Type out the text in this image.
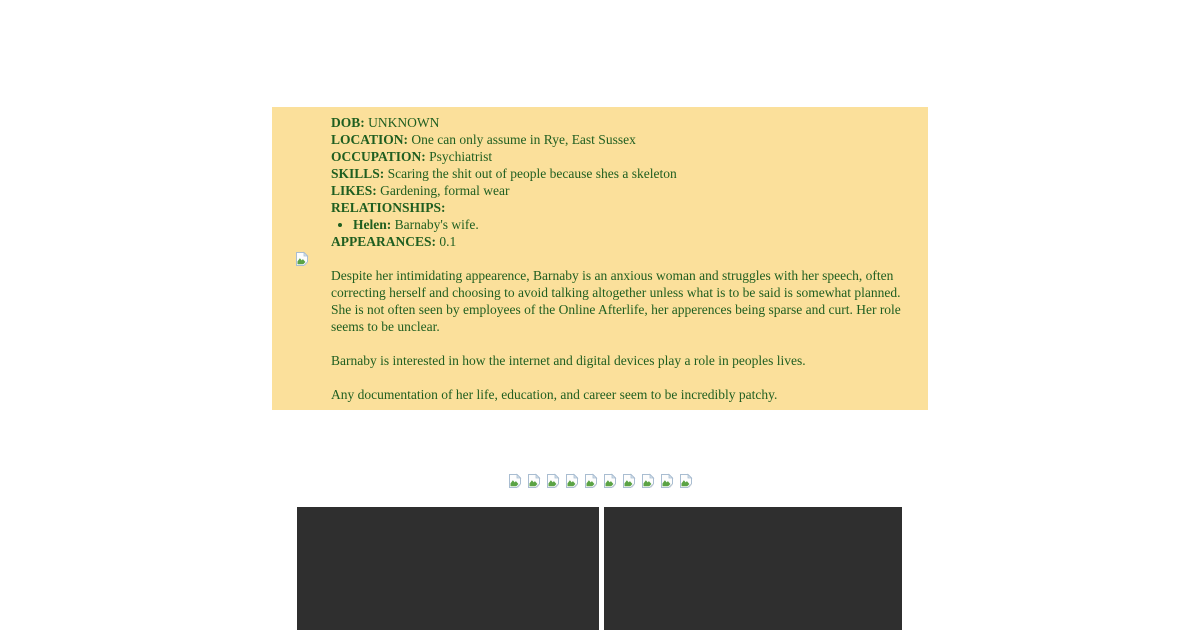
DOB: UNKNOWN
LOCATION: One can only assume in Rye, East Sussex
OCCUPATION: Psychiatrist
SKILLS: Scaring the shit out of people because shes a skeleton
LIKES: Gardening, formal wear
RELATIONSHIPS:
• Helen: Barnaby's wife.
APPEARANCES: 0.1

Despite her intimidating appearence, Barnaby is an anxious woman and struggles with her speech, often correcting herself and choosing to avoid talking altogether unless what is to be said is somewhat planned. She is not often seen by employees of the Online Afterlife, her apperences being sparse and curt. Her role seems to be unclear.

Barnaby is interested in how the internet and digital devices play a role in peoples lives.

Any documentation of her life, education, and career seem to be incredibly patchy.
